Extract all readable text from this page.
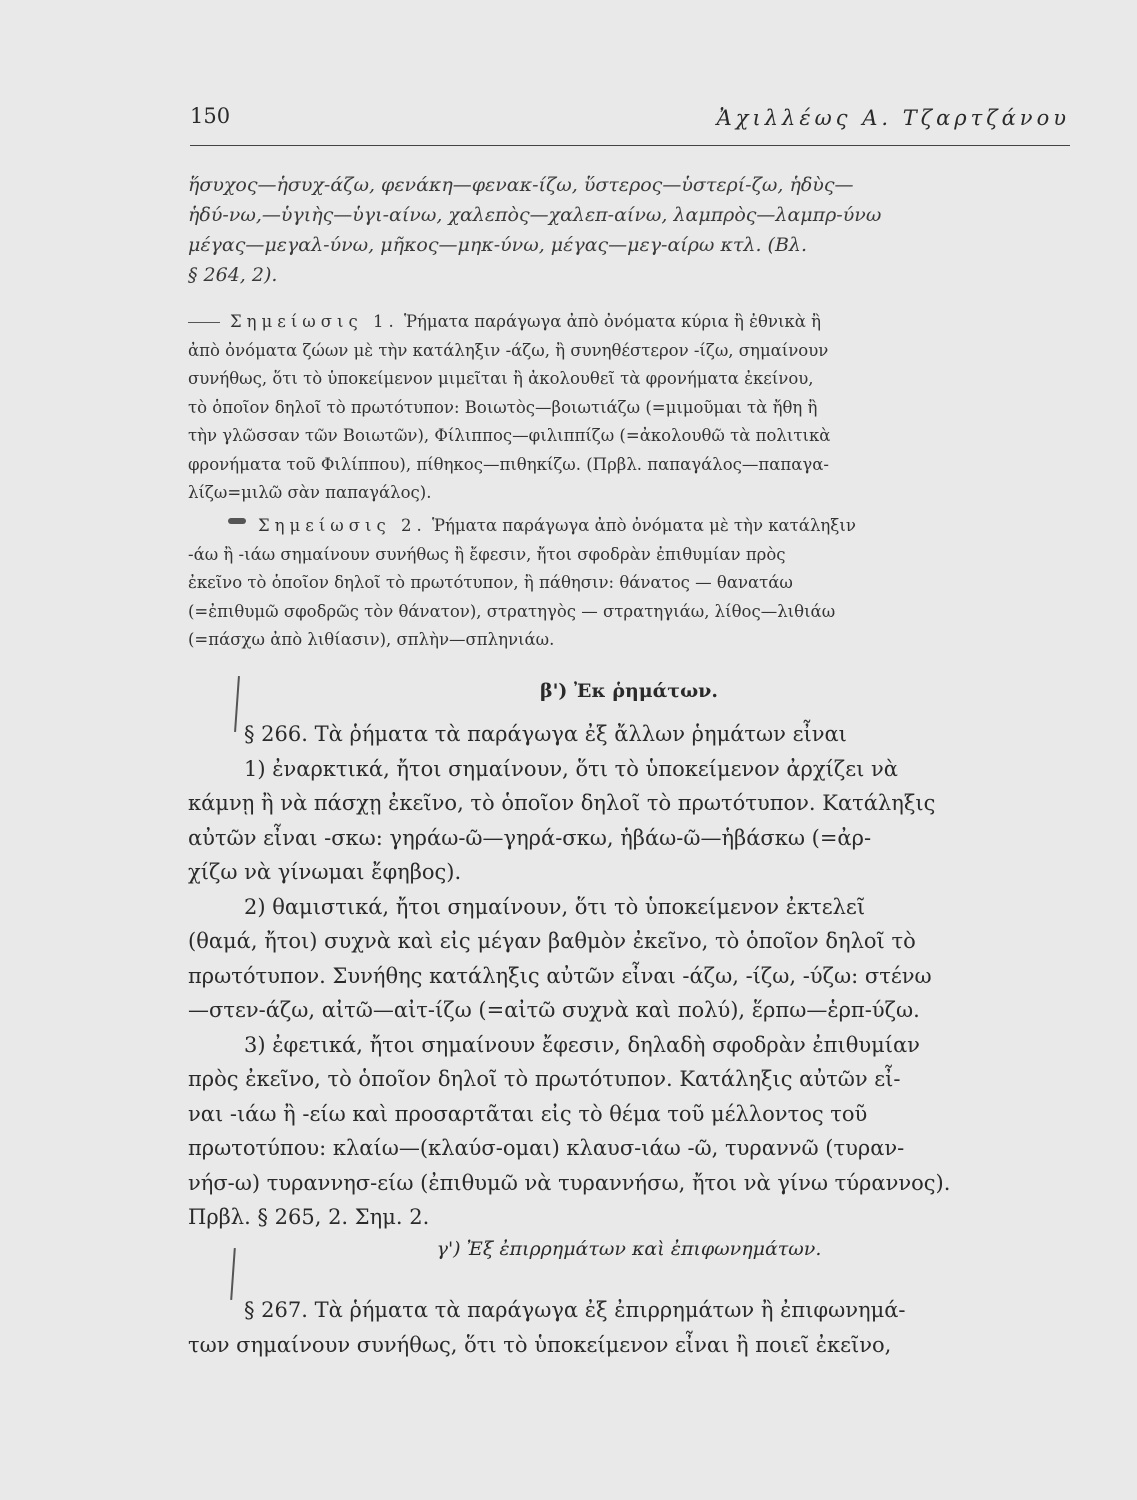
150	Ἀχιλλέως Α. Τζαρτζάνου
ἥσυχος—ἡσυχ-άζω, φενάκη—φενακ-ίζω, ὕστερος—ὑστερί-ζω, ἡδὺς—
ἡδύ-νω,—ὑγιὴς—ὑγι-αίνω, χαλεπὸς—χαλεπ-αίνω, λαμπρὸς—λαμπρ-ύνω
μέγας—μεγαλ-ύνω, μῆκος—μηκ-ύνω, μέγας—μεγ-αίρω κτλ. (Βλ.
§ 264, 2).
Σημείωσις 1. Ῥήματα παράγωγα ἀπὸ ὀνόματα κύρια ἢ ἐθνικὰ ἢ
ἀπὸ ὀνόματα ζώων μὲ τὴν κατάληξιν -άζω, ἢ συνηθέστερον -ίζω, σημαίνουν
συνήθως, ὅτι τὸ ὑποκείμενον μιμεῖται ἢ ἀκολουθεῖ τὰ φρονήματα ἐκείνου,
τὸ ὁποῖον δηλοῖ τὸ πρωτότυπον: Βοιωτὸς—βοιωτιάζω (=μιμοῦμαι τὰ ἤθη ἢ
τὴν γλῶσσαν τῶν Βοιωτῶν), Φίλιππος—φιλιππίζω (=ἀκολουθῶ τὰ πολιτικὰ
φρονήματα τοῦ Φιλίππου), πίθηκος—πιθηκίζω. (Πρβλ. παπαγάλος—παπαγα-
λίζω=μιλῶ σὰν παπαγάλος).
Σημείωσις 2. Ῥήματα παράγωγα ἀπὸ ὀνόματα μὲ τὴν κατάληξιν
-άω ἢ -ιάω σημαίνουν συνήθως ἢ ἔφεσιν, ἤτοι σφοδρὰν ἐπιθυμίαν πρὸς
ἐκεῖνο τὸ ὁποῖον δηλοῖ τὸ πρωτότυπον, ἢ πάθησιν: θάνατος — θανατάω
(=ἐπιθυμῶ σφοδρῶς τὸν θάνατον), στρατηγὸς — στρατηγιάω, λίθος—λιθιάω
(=πάσχω ἀπὸ λιθίασιν), σπλὴν—σπληνιάω.
β') Ἐκ ῥημάτων.
§ 266. Τὰ ῥήματα τὰ παράγωγα ἐξ ἄλλων ῥημάτων εἶναι
1) ἐναρκτικά, ἤτοι σημαίνουν, ὅτι τὸ ὑποκείμενον ἀρχίζει νὰ
κάμνῃ ἢ νὰ πάσχῃ ἐκεῖνο, τὸ ὁποῖον δηλοῖ τὸ πρωτότυπον. Κατάληξις
αὐτῶν εἶναι -σκω: γηράω-ῶ—γηρά-σκω, ἡβάω-ῶ—ἡβάσκω (=ἀρ-
χίζω νὰ γίνωμαι ἔφηβος).
2) θαμιστικά, ἤτοι σημαίνουν, ὅτι τὸ ὑποκείμενον ἐκτελεῖ
(θαμά, ἤτοι) συχνὰ καὶ εἰς μέγαν βαθμὸν ἐκεῖνο, τὸ ὁποῖον δηλοῖ τὸ
πρωτότυπον. Συνήθης κατάληξις αὐτῶν εἶναι -άζω, -ίζω, -ύζω: στένω
—στεν-άζω, αἰτῶ—αἰτ-ίζω (=αἰτῶ συχνὰ καὶ πολύ), ἕρπω—ἑρπ-ύζω.
3) ἐφετικά, ἤτοι σημαίνουν ἔφεσιν, δηλαδὴ σφοδρὰν ἐπιθυμίαν
πρὸς ἐκεῖνο, τὸ ὁποῖον δηλοῖ τὸ πρωτότυπον. Κατάληξις αὐτῶν εἶ-
ναι -ιάω ἢ -είω καὶ προσαρτᾶται εἰς τὸ θέμα τοῦ μέλλοντος τοῦ
πρωτοτύπου: κλαίω—(κλαύσ-ομαι) κλαυσ-ιάω -ῶ, τυραννῶ (τυραν-
νήσ-ω) τυραννησ-είω (ἐπιθυμῶ νὰ τυραννήσω, ἤτοι νὰ γίνω τύραννος).
Πρβλ. § 265, 2. Σημ. 2.
γ') Ἐξ ἐπιρρημάτων καὶ ἐπιφωνημάτων.
§ 267. Τὰ ῥήματα τὰ παράγωγα ἐξ ἐπιρρημάτων ἢ ἐπιφωνημά-
των σημαίνουν συνήθως, ὅτι τὸ ὑποκείμενον εἶναι ἢ ποιεῖ ἐκεῖνο,
